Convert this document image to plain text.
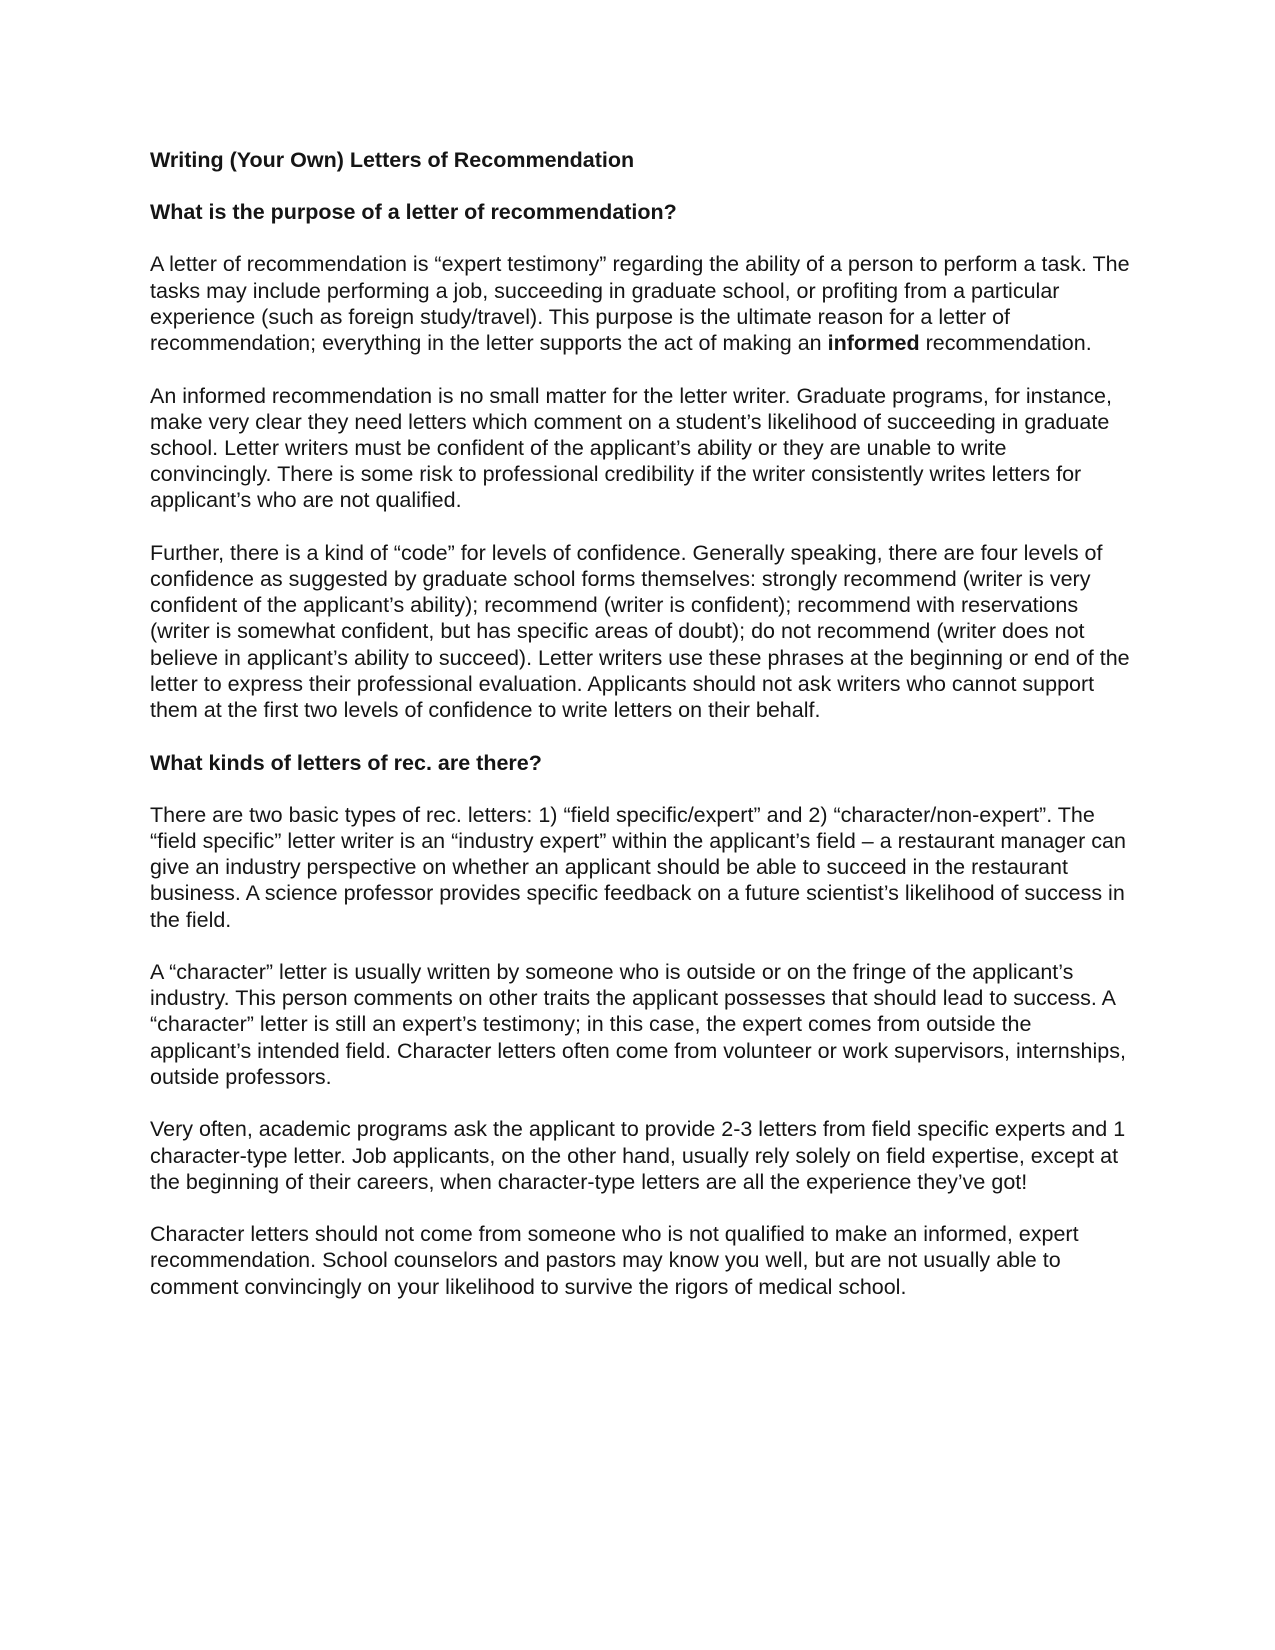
Writing (Your Own) Letters of Recommendation
What is the purpose of a letter of recommendation?

A letter of recommendation is “expert testimony” regarding the ability of a person to perform a task. The tasks may include performing a job, succeeding in graduate school, or profiting from a particular experience (such as foreign study/travel). This purpose is the ultimate reason for a letter of recommendation; everything in the letter supports the act of making an informed recommendation.

An informed recommendation is no small matter for the letter writer. Graduate programs, for instance, make very clear they need letters which comment on a student’s likelihood of succeeding in graduate school. Letter writers must be confident of the applicant’s ability or they are unable to write convincingly. There is some risk to professional credibility if the writer consistently writes letters for applicant’s who are not qualified.

Further, there is a kind of “code” for levels of confidence. Generally speaking, there are four levels of confidence as suggested by graduate school forms themselves: strongly recommend (writer is very confident of the applicant’s ability); recommend (writer is confident); recommend with reservations (writer is somewhat confident, but has specific areas of doubt); do not recommend (writer does not believe in applicant’s ability to succeed). Letter writers use these phrases at the beginning or end of the letter to express their professional evaluation. Applicants should not ask writers who cannot support them at the first two levels of confidence to write letters on their behalf.

What kinds of letters of rec. are there?

There are two basic types of rec. letters: 1) “field specific/expert” and 2) “character/non-expert”. The “field specific” letter writer is an “industry expert” within the applicant’s field – a restaurant manager can give an industry perspective on whether an applicant should be able to succeed in the restaurant business. A science professor provides specific feedback on a future scientist’s likelihood of success in the field.

A “character” letter is usually written by someone who is outside or on the fringe of the applicant’s industry. This person comments on other traits the applicant possesses that should lead to success. A “character” letter is still an expert’s testimony; in this case, the expert comes from outside the applicant’s intended field. Character letters often come from volunteer or work supervisors, internships, outside professors.

Very often, academic programs ask the applicant to provide 2-3 letters from field specific experts and 1 character-type letter. Job applicants, on the other hand, usually rely solely on field expertise, except at the beginning of their careers, when character-type letters are all the experience they’ve got!

Character letters should not come from someone who is not qualified to make an informed, expert recommendation. School counselors and pastors may know you well, but are not usually able to comment convincingly on your likelihood to survive the rigors of medical school.
